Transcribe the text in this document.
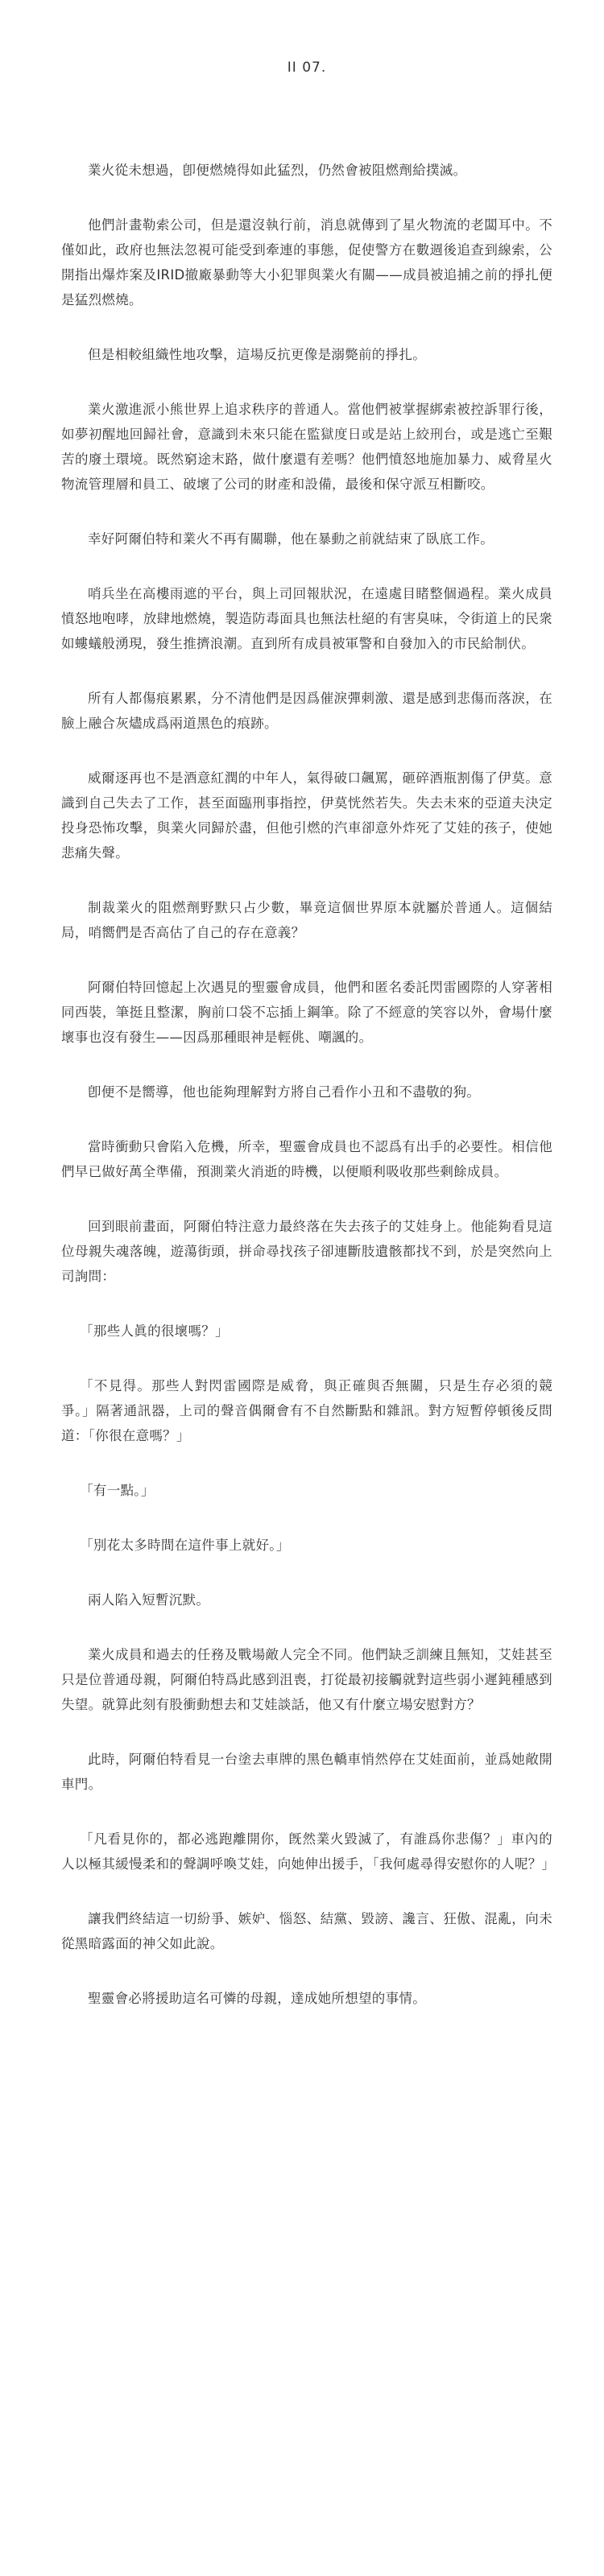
II 07.

業火從未想過，卽便燃燒得如此猛烈，仍然會被阻燃劑給撲滅。

他們計畫勒索公司，但是還沒執行前，消息就傳到了星火物流的老闆耳中。不僅如此，政府也無法忽視可能受到牽連的事態，促使警方在數週後追查到線索，公開指出爆炸案及IRID撤廠暴動等大小犯罪與業火有關——成員被追捕之前的掙扎便是猛烈燃燒。

但是相較組織性地攻擊，這場反抗更像是溺斃前的掙扎。

業火激進派小熊世界上追求秩序的普通人。當他們被掌握綁索被控訴罪行後，如夢初醒地回歸社會，意識到未來只能在監獄度日或是站上絞刑台，或是逃亡至艱苦的廢土環境。既然窮途末路，做什麼還有差嗎？他們憤怒地施加暴力、威脅星火物流管理層和員工、破壞了公司的財產和設備，最後和保守派互相斷咬。

幸好阿爾伯特和業火不再有關聯，他在暴動之前就結束了臥底工作。

哨兵坐在高樓雨遮的平台，與上司回報狀況，在遠處目睹整個過程。業火成員憤怒地咆哮，放肆地燃燒，製造防毒面具也無法杜絕的有害臭味，令街道上的民衆如螻蟻般湧現，發生推擠浪潮。直到所有成員被軍警和自發加入的市民給制伏。

所有人都傷痕累累，分不清他們是因爲催淚彈刺激、還是感到悲傷而落淚，在臉上融合灰燼成爲兩道黑色的痕跡。

威爾逐再也不是酒意紅潤的中年人，氣得破口飆罵，砸碎酒瓶割傷了伊莫。意識到自己失去了工作，甚至面臨刑事指控，伊莫恍然若失。失去未來的亞道夫決定投身恐怖攻擊，與業火同歸於盡，但他引燃的汽車卻意外炸死了艾娃的孩子，使她悲痛失聲。

制裁業火的阻燃劑野默只占少數，畢竟這個世界原本就屬於普通人。這個結局，哨嚮們是否高估了自己的存在意義？

阿爾伯特回憶起上次遇見的聖靈會成員，他們和匿名委託閃雷國際的人穿著相同西裝，筆挺且整潔，胸前口袋不忘插上鋼筆。除了不經意的笑容以外，會場什麼壞事也沒有發生——因爲那種眼神是輕佻、嘲諷的。

卽便不是嚮導，他也能夠理解對方將自己看作小丑和不盡敬的狗。

當時衝動只會陷入危機，所幸，聖靈會成員也不認爲有出手的必要性。相信他們早已做好萬全準備，預測業火消逝的時機，以便順利吸收那些剩餘成員。

回到眼前畫面，阿爾伯特注意力最終落在失去孩子的艾娃身上。他能夠看見這位母親失魂落魄，遊蕩街頭，拼命尋找孩子卻連斷肢遺骸都找不到，於是突然向上司詢問：

「那些人眞的很壞嗎？」

「不見得。那些人對閃雷國際是威脅，與正確與否無關，只是生存必須的競爭。」隔著通訊器，上司的聲音偶爾會有不自然斷點和雜訊。對方短暫停頓後反問道：「你很在意嗎？」

「有一點。」

「別花太多時間在這件事上就好。」

兩人陷入短暫沉默。

業火成員和過去的任務及戰場敵人完全不同。他們缺乏訓練且無知，艾娃甚至只是位普通母親，阿爾伯特爲此感到沮喪，打從最初接觸就對這些弱小遲鈍種感到失望。就算此刻有股衝動想去和艾娃談話，他又有什麼立場安慰對方？

此時，阿爾伯特看見一台塗去車牌的黑色轎車悄然停在艾娃面前，並爲她敞開車門。

「凡看見你的，都必逃跑離開你，旣然業火毀滅了，有誰爲你悲傷？」車內的人以極其緩慢柔和的聲調呼喚艾娃，向她伸出援手，「我何處尋得安慰你的人呢？」

讓我們終結這一切紛爭、嫉妒、惱怒、結黨、毀謗、讒言、狂傲、混亂，向未從黑暗露面的神父如此說。

聖靈會必將援助這名可憐的母親，達成她所想望的事情。
